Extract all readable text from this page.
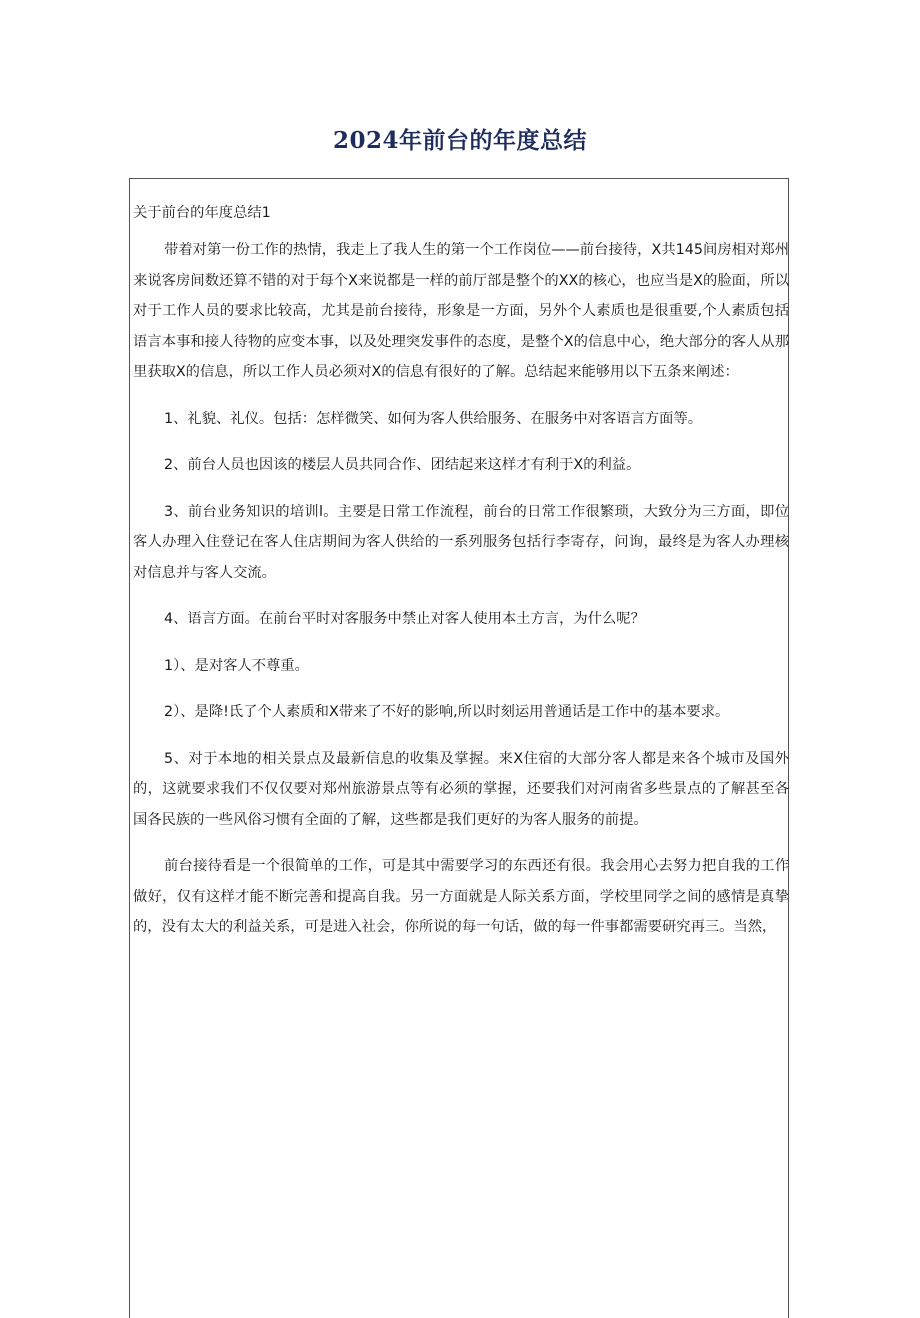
2024年前台的年度总结

关于前台的年度总结1

带着对第一份工作的热情，我走上了我人生的第一个工作岗位——前台接待，X共145间房相对郑州来说客房间数还算不错的对于每个X来说都是一样的前厅部是整个的XX的核心，也应当是X的脸面，所以对于工作人员的要求比较高，尤其是前台接待，形象是一方面，另外个人素质也是很重要,个人素质包括语言本事和接人待物的应变本事，以及处理突发事件的态度，是整个X的信息中心，绝大部分的客人从那里获取X的信息，所以工作人员必须对X的信息有很好的了解。总结起来能够用以下五条来阐述：

1、礼貌、礼仪。包括：怎样微笑、如何为客人供给服务、在服务中对客语言方面等。

2、前台人员也因该的楼层人员共同合作、团结起来这样才有利于X的利益。

3、前台业务知识的培训l。主要是日常工作流程，前台的日常工作很繁琐，大致分为三方面，即位客人办理入住登记在客人住店期间为客人供给的一系列服务包括行李寄存，问询，最终是为客人办理核对信息并与客人交流。

4、语言方面。在前台平时对客服务中禁止对客人使用本土方言，为什么呢？

1）、是对客人不尊重。

2）、是降!氐了个人素质和X带来了不好的影响,所以时刻运用普通话是工作中的基本要求。

5、对于本地的相关景点及最新信息的收集及掌握。来X住宿的大部分客人都是来各个城市及国外的，这就要求我们不仅仅要对郑州旅游景点等有必须的掌握，还要我们对河南省多些景点的了解甚至各国各民族的一些风俗习惯有全面的了解，这些都是我们更好的为客人服务的前提。

前台接待看是一个很简单的工作，可是其中需要学习的东西还有很。我会用心去努力把自我的工作做好，仅有这样才能不断完善和提高自我。另一方面就是人际关系方面，学校里同学之间的感情是真挚的，没有太大的利益关系，可是进入社会，你所说的每一句话，做的每一件事都需要研究再三。当然，
